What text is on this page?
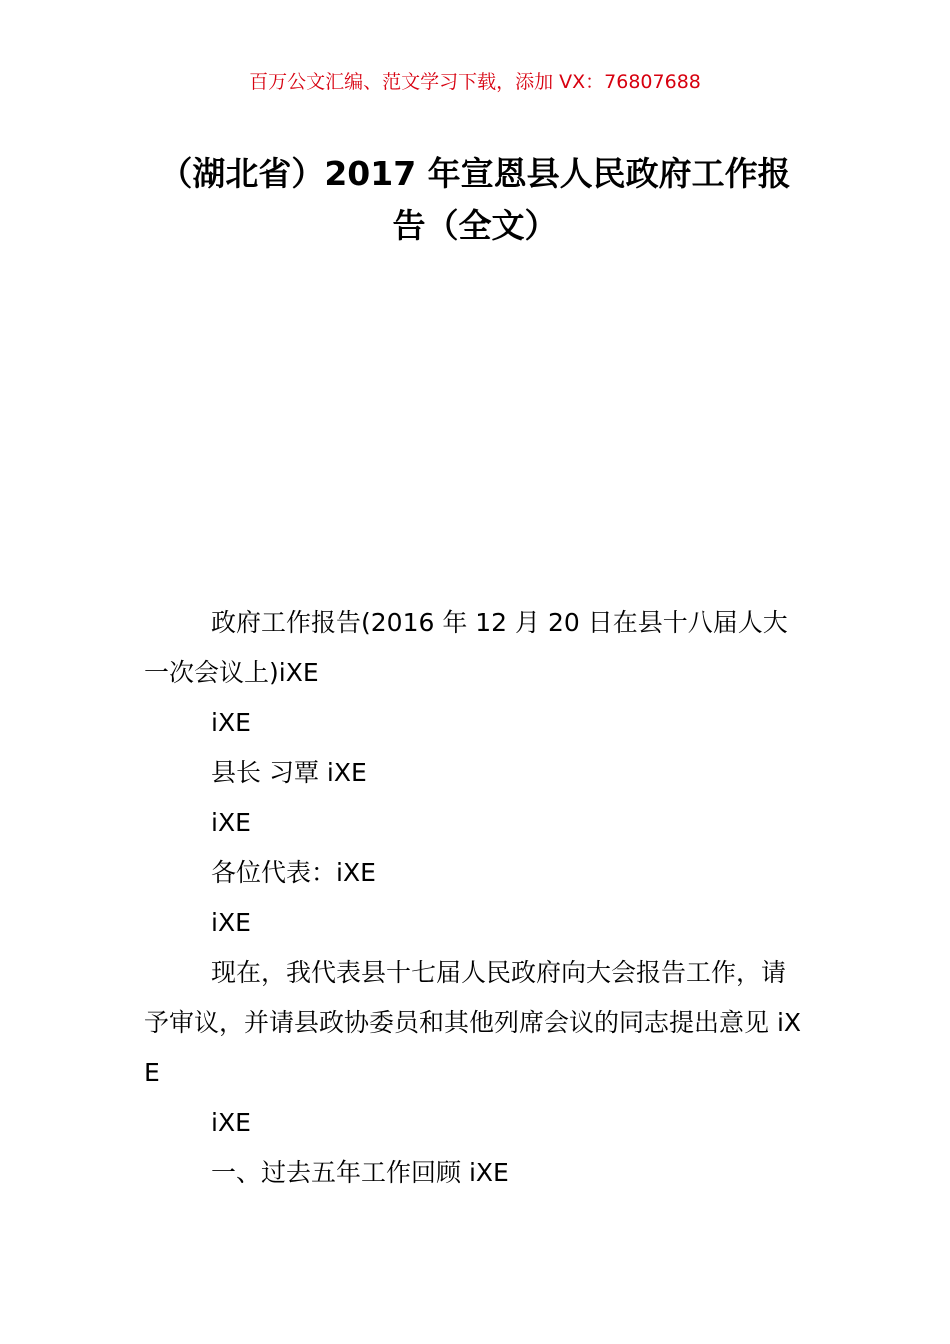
百万公文汇编、范文学习下载，添加 VX：76807688
（湖北省）2017 年宣恩县人民政府工作报
告（全文）

政府工作报告(2016 年 12 月 20 日在县十八届人大一次会议上)iXE

iXE

县长 习覃 iXE

iXE

各位代表：iXE

iXE

现在，我代表县十七届人民政府向大会报告工作，请予审议，并请县政协委员和其他列席会议的同志提出意见 iXE

iXE

一、过去五年工作回顾 iXE
